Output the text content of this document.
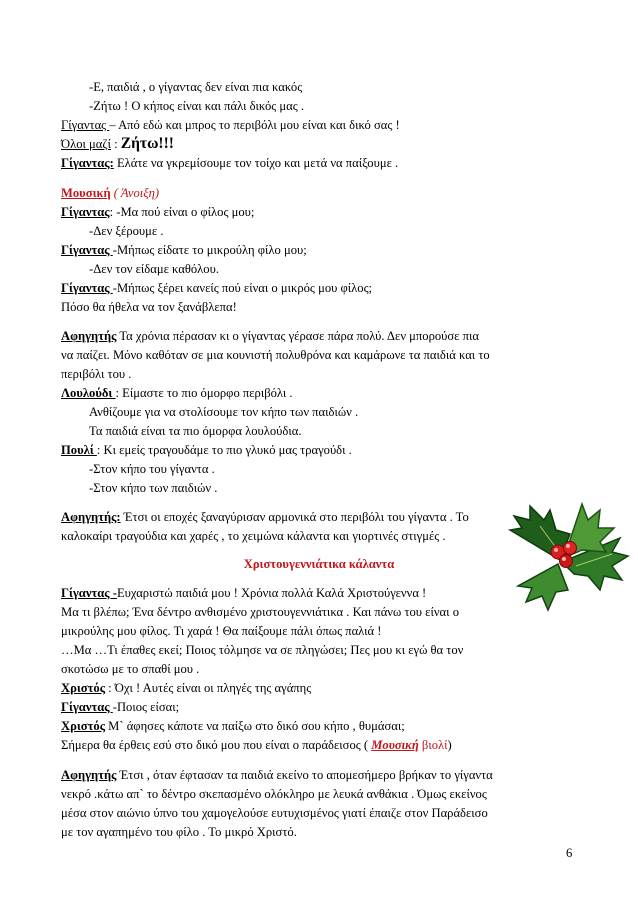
-Ε, παιδιά , ο γίγαντας δεν είναι πια κακός
-Ζήτω ! Ο κήπος είναι και πάλι δικός μας .
Γίγαντας – Από εδώ και μπρος το περιβόλι μου είναι και δικό σας !
Όλοι μαζί : Ζήτω!!!
Γίγαντας: Ελάτε να γκρεμίσουμε τον τοίχο και μετά να παίξουμε .
Μουσική ( Άνοιξη)
Γίγαντας: -Μα πού είναι ο φίλος μου;
-Δεν ξέρουμε .
Γίγαντας -Μήπως είδατε το μικρούλη φίλο μου;
-Δεν τον είδαμε καθόλου.
Γίγαντας -Μήπως ξέρει κανείς πού είναι ο μικρός μου φίλος;
Πόσο θα ήθελα να τον ξανάβλεπα!
Αφηγητής Τα χρόνια πέρασαν κι ο γίγαντας γέρασε πάρα πολύ. Δεν μπορούσε πια
να παίζει. Μόνο καθόταν σε μια κουνιστή πολυθρόνα και καμάρωνε τα παιδιά και το
περιβόλι του .
Λουλούδι : Είμαστε το πιο όμορφο περιβόλι .
Ανθίζουμε για να στολίσουμε τον κήπο των παιδιών .
Τα παιδιά είναι τα πιο όμορφα λουλούδια.
Πουλί : Κι εμείς τραγουδάμε το πιο γλυκό μας τραγούδι .
-Στον κήπο του γίγαντα .
-Στον κήπο των παιδιών .
Αφηγητής: Έτσι οι εποχές ξαναγύρισαν αρμονικά στο περιβόλι του γίγαντα . Το
καλοκαίρι τραγούδια και χαρές , το χειμώνα κάλαντα και γιορτινές στιγμές .
Χριστουγεννιάτικα κάλαντα
Γίγαντας -Ευχαριστώ παιδιά μου ! Χρόνια πολλά Καλά Χριστούγεννα !
Μα τι βλέπω; Ένα δέντρο ανθισμένο χριστουγεννιάτικα . Και πάνω του είναι ο
μικρούλης μου φίλος. Τι χαρά ! Θα παίξουμε πάλι όπως παλιά !
…Μα …Τι έπαθες εκεί; Ποιος τόλμησε να σε πληγώσει; Πες μου κι εγώ θα τον
σκοτώσω με το σπαθί μου .
Χριστός : Όχι ! Αυτές είναι οι πληγές της αγάπης
Γίγαντας -Ποιος είσαι;
Χριστός Μ` άφησες κάποτε να παίξω στο δικό σου κήπο , θυμάσαι;
Σήμερα θα έρθεις εσύ στο δικό μου που είναι ο παράδεισος ( Μουσική βιολί)
Αφηγητής Έτσι , όταν έφτασαν τα παιδιά εκείνο το απομεσήμερο βρήκαν το γίγαντα
νεκρό .κάτω απ` το δέντρο σκεπασμένο ολόκληρο με λευκά ανθάκια . Όμως εκείνος
μέσα στον αιώνιο ύπνο του χαμογελούσε ευτυχισμένος γιατί έπαιζε στον Παράδεισο
με τον αγαπημένο του φίλο . Το μικρό Χριστό.
6
